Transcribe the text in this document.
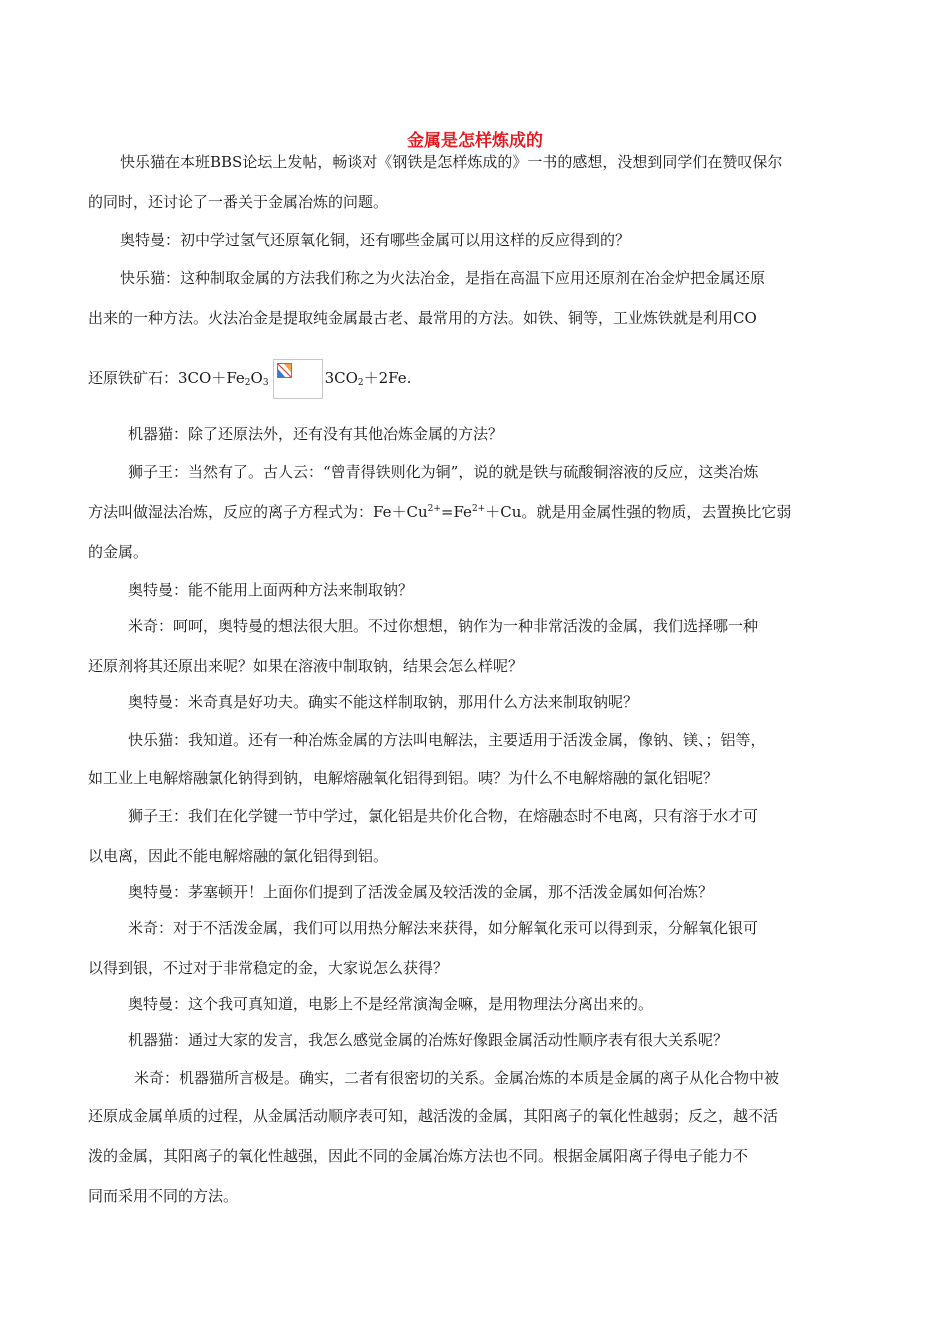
金属是怎样炼成的
快乐猫在本班BBS论坛上发帖，畅谈对《钢铁是怎样炼成的》一书的感想，没想到同学们在赞叹保尔
的同时，还讨论了一番关于金属冶炼的问题。
奥特曼：初中学过氢气还原氧化铜，还有哪些金属可以用这样的反应得到的？
快乐猫：这种制取金属的方法我们称之为火法冶金，是指在高温下应用还原剂在冶金炉把金属还原
出来的一种方法。火法冶金是提取纯金属最古老、最常用的方法。如铁、铜等，工业炼铁就是利用CO
还原铁矿石：$3CO+Fe_2O_3$	$3CO_2+2Fe$.
机器猫：除了还原法外，还有没有其他冶炼金属的方法？
狮子王：当然有了。古人云：“曾青得铁则化为铜”，说的就是铁与硫酸铜溶液的反应，这类冶炼
方法叫做湿法冶炼，反应的离子方程式为：$Fe+Cu^{2+}=Fe^{2+}+Cu$。就是用金属性强的物质，去置换比它弱
的金属。
奥特曼：能不能用上面两种方法来制取钠？
米奇：呵呵，奥特曼的想法很大胆。不过你想想，钠作为一种非常活泼的金属，我们选择哪一种
还原剂将其还原出来呢？如果在溶液中制取钠，结果会怎么样呢？
奥特曼：米奇真是好功夫。确实不能这样制取钠，那用什么方法来制取钠呢？
快乐猫：我知道。还有一种冶炼金属的方法叫电解法，主要适用于活泼金属，像钠、镁、；铝等，
如工业上电解熔融氯化钠得到钠，电解熔融氧化铝得到铝。咦？为什么不电解熔融的氯化铝呢？
狮子王：我们在化学键一节中学过，氯化铝是共价化合物，在熔融态时不电离，只有溶于水才可
以电离，因此不能电解熔融的氯化铝得到铝。
奥特曼：茅塞顿开！上面你们提到了活泼金属及较活泼的金属，那不活泼金属如何冶炼？
米奇：对于不活泼金属，我们可以用热分解法来获得，如分解氧化汞可以得到汞，分解氧化银可
以得到银，不过对于非常稳定的金，大家说怎么获得？
奥特曼：这个我可真知道，电影上不是经常演淘金嘛，是用物理法分离出来的。
机器猫：通过大家的发言，我怎么感觉金属的冶炼好像跟金属活动性顺序表有很大关系呢？
米奇：机器猫所言极是。确实，二者有很密切的关系。金属冶炼的本质是金属的离子从化合物中被
还原成金属单质的过程，从金属活动顺序表可知，越活泼的金属，其阳离子的氧化性越弱；反之，越不活
泼的金属，其阳离子的氧化性越强，因此不同的金属冶炼方法也不同。根据金属阳离子得电子能力不
同而采用不同的方法。
